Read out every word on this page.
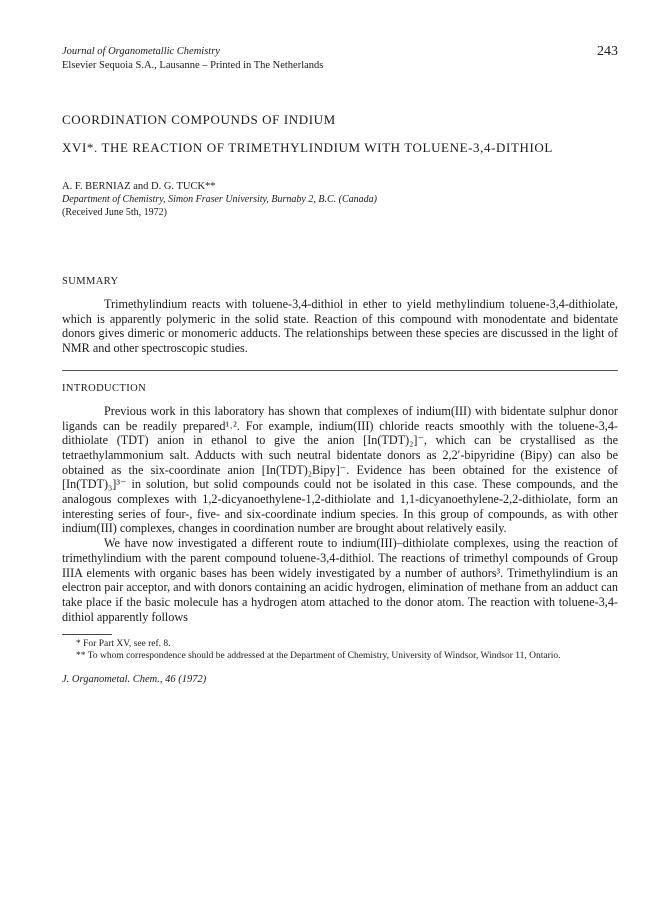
Journal of Organometallic Chemistry
Elsevier Sequoia S.A., Lausanne – Printed in The Netherlands
243
COORDINATION COMPOUNDS OF INDIUM
XVI*. THE REACTION OF TRIMETHYLINDIUM WITH TOLUENE-3,4-DITHIOL
A. F. BERNIAZ and D. G. TUCK**
Department of Chemistry, Simon Fraser University, Burnaby 2, B.C. (Canada)
(Received June 5th, 1972)
SUMMARY

Trimethylindium reacts with toluene-3,4-dithiol in ether to yield methylindium toluene-3,4-dithiolate, which is apparently polymeric in the solid state. Reaction of this compound with monodentate and bidentate donors gives dimeric or monomeric adducts. The relationships between these species are discussed in the light of NMR and other spectroscopic studies.

INTRODUCTION

Previous work in this laboratory has shown that complexes of indium(III) with bidentate sulphur donor ligands can be readily prepared¹˒². For example, indium(III) chloride reacts smoothly with the toluene-3,4-dithiolate (TDT) anion in ethanol to give the anion [In(TDT)₂]⁻, which can be crystallised as the tetraethylammonium salt. Adducts with such neutral bidentate donors as 2,2′-bipyridine (Bipy) can also be obtained as the six-coordinate anion [In(TDT)₂Bipy]⁻. Evidence has been obtained for the existence of [In(TDT)₃]³⁻ in solution, but solid compounds could not be isolated in this case. These compounds, and the analogous complexes with 1,2-dicyanoethylene-1,2-dithiolate and 1,1-dicyanoethylene-2,2-dithiolate, form an interesting series of four-, five- and six-coordinate indium species. In this group of compounds, as with other indium(III) complexes, changes in coordination number are brought about relatively easily.

We have now investigated a different route to indium(III)–dithiolate complexes, using the reaction of trimethylindium with the parent compound toluene-3,4-dithiol. The reactions of trimethyl compounds of Group IIIA elements with organic bases has been widely investigated by a number of authors³. Trimethylindium is an electron pair acceptor, and with donors containing an acidic hydrogen, elimination of methane from an adduct can take place if the basic molecule has a hydrogen atom attached to the donor atom. The reaction with toluene-3,4-dithiol apparently follows

* For Part XV, see ref. 8.
** To whom correspondence should be addressed at the Department of Chemistry, University of Windsor, Windsor 11, Ontario.
J. Organometal. Chem., 46 (1972)
